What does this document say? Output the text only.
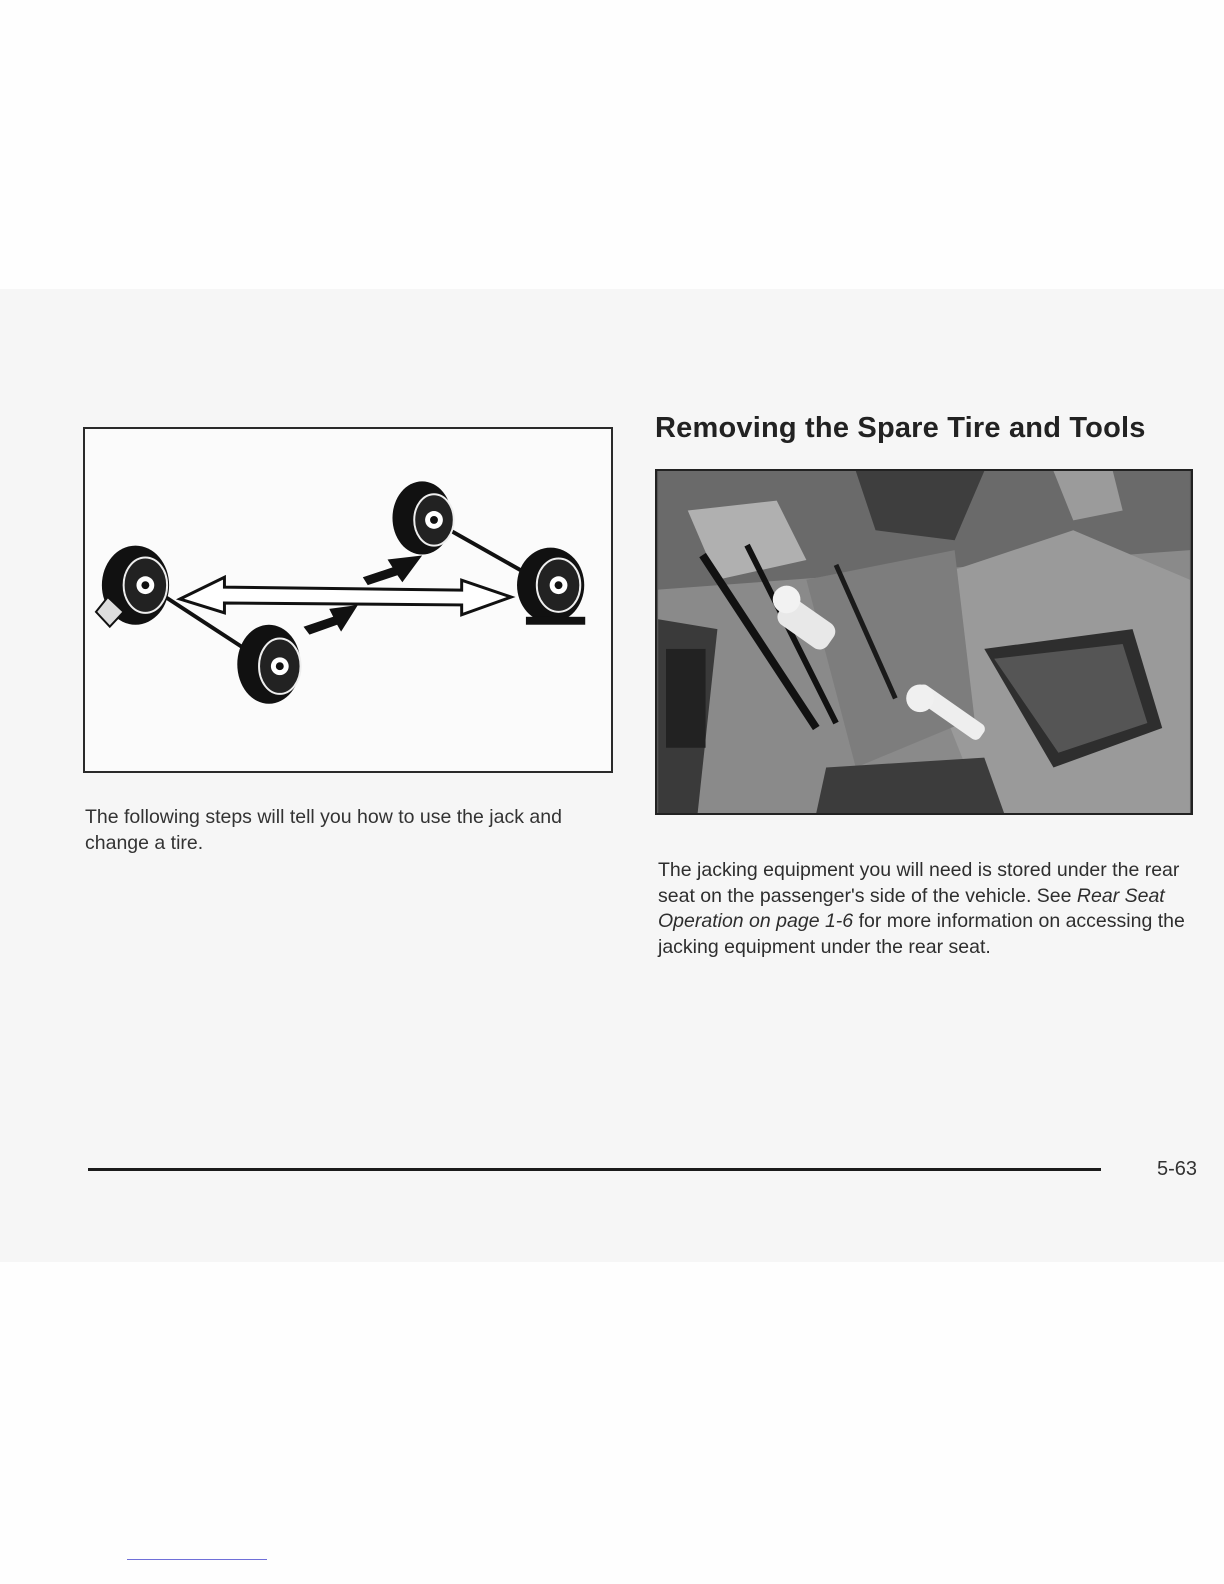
The following steps will tell you how to use the jack and change a tire.
Removing the Spare Tire and Tools
The jacking equipment you will need is stored under the rear seat on the passenger's side of the vehicle. See Rear Seat Operation on page 1-6 for more information on accessing the jacking equipment under the rear seat.
5-63
